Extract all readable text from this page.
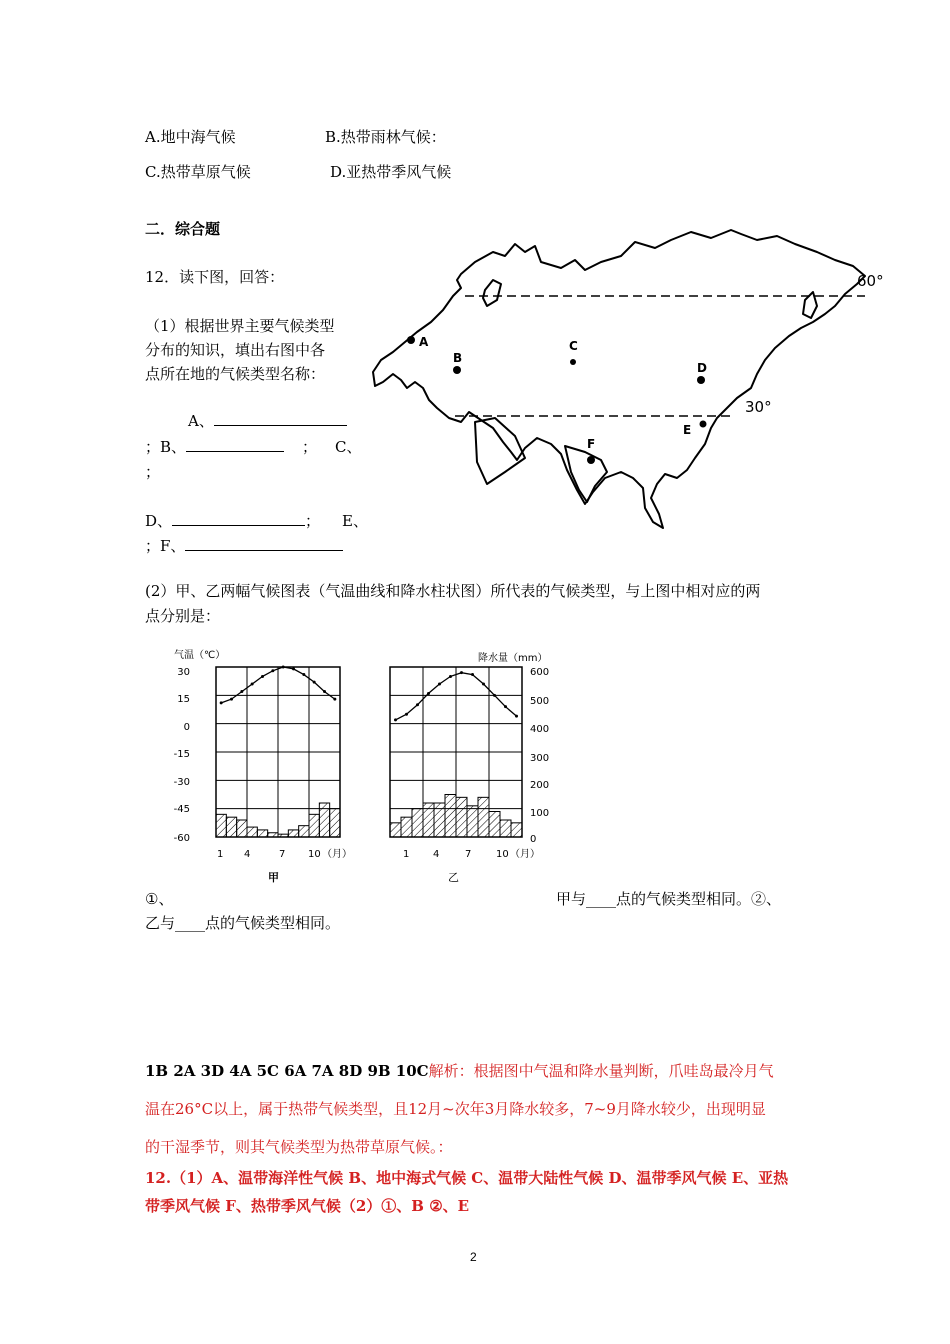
A.地中海气候	B.热带雨林气候：
C.热带草原气候	D.亚热带季风气候
二．综合题
12．读下图，回答：
（1）根据世界主要气候类型
分布的知识，填出右图中各
点所在地的气候类型名称：
A、
；B、	； C、
；
D、	； E、
；F、
60°
30°
A
B
C
D
E
F
(2）甲、乙两幅气候图表（气温曲线和降水柱状图）所代表的气候类型，与上图中相对应的两
点分别是：
气温（℃）
30
15
0
-15
-30
-45
-60
1 4	7 10 （月）
甲
降水量（mm）
600
500
400
300
200
100
0
1 4	7 10 （月）
乙
①、	甲与____点的气候类型相同。②、
乙与____点的气候类型相同。
1B 2A 3D 4A 5C 6A 7A 8D 9B 10C解析：根据图中气温和降水量判断，爪哇岛最冷月气
温在26°C以上，属于热带气候类型，且12月~次年3月降水较多，7~9月降水较少，出现明显
的干湿季节，则其气候类型为热带草原气候。：
12.（1）A、温带海洋性气候 B、地中海式气候 C、温带大陆性气候 D、温带季风气候 E、亚热
带季风气候 F、热带季风气候（2）①、B ②、E
2
